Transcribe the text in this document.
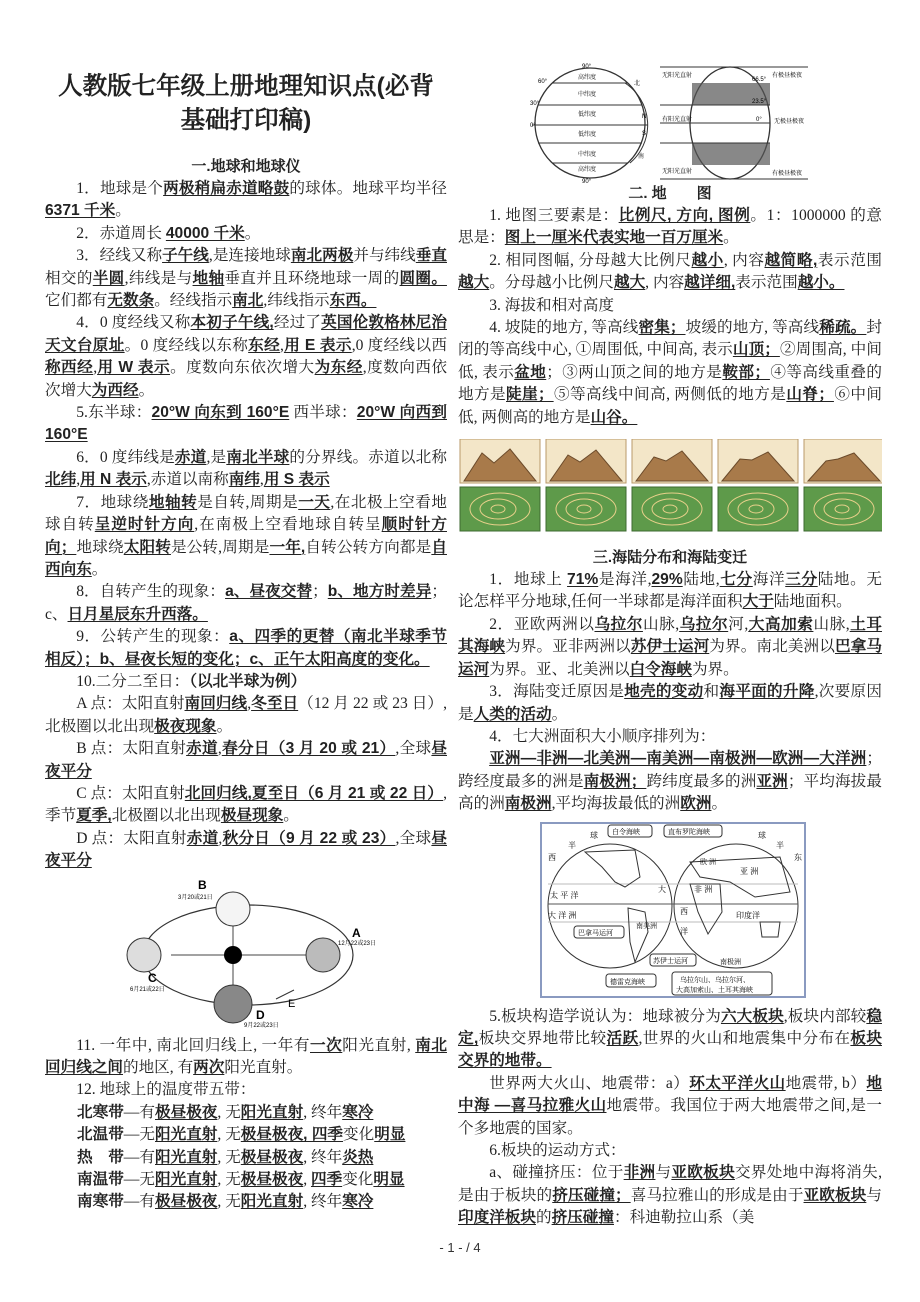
人教版七年级上册地理知识点(必背
基础打印稿)
一.地球和地球仪

1．地球是个两极稍扁赤道略鼓的球体。地球平均半径 6371 千米。

2．赤道周长 40000 千米。

3．经线又称子午线,是连接地球南北两极并与纬线垂直相交的半圆,纬线是与地轴垂直并且环绕地球一周的圆圈。它们都有无数条。经线指示南北,纬线指示东西。

4．0 度经线又称本初子午线,经过了英国伦敦格林尼治天文台原址。0 度经线以东称东经,用 E 表示,0 度经线以西称西经,用 W 表示。度数向东依次增大为东经,度数向西依次增大为西经。

5.东半球：20°W 向东到 160°E 西半球：20°W 向西到 160°E

6．0 度纬线是赤道,是南北半球的分界线。赤道以北称北纬,用 N 表示,赤道以南称南纬,用 S 表示

7．地球绕地轴转是自转,周期是一天,在北极上空看地球自转呈逆时针方向,在南极上空看地球自转呈顺时针方向；地球绕太阳转是公转,周期是一年,自转公转方向都是自西向东。

8．自转产生的现象：a、昼夜交替；b、地方时差异；c、日月星辰东升西落。

9．公转产生的现象：a、四季的更替（南北半球季节相反）；b、昼夜长短的变化；c、正午太阳高度的变化。

10.二分二至日：（以北半球为例）

A 点：太阳直射南回归线,冬至日（12 月 22 或 23 日）,北极圈以北出现极夜现象。

B 点：太阳直射赤道,春分日（3 月 20 或 21）,全球昼夜平分

C 点：太阳直射北回归线,夏至日（6 月 21 或 22 日）,季节夏季,北极圈以北出现极昼现象。

D 点：太阳直射赤道,秋分日（9 月 22 或 23）,全球昼夜平分

B
3月20或21日
A
12月22或23日
C
6月21或22日
D
9月22或23日
E

11. 一年中, 南北回归线上, 一年有一次阳光直射, 南北回归线之间的地区, 有两次阳光直射。

12. 地球上的温度带五带：

北寒带—有极昼极夜, 无阳光直射, 终年寒冷

北温带—无阳光直射, 无极昼极夜, 四季变化明显

热　带—有阳光直射, 无极昼极夜, 终年炎热

南温带—无阳光直射, 无极昼极夜, 四季变化明显

南寒带—有极昼极夜, 无阳光直射, 终年寒冷

90°
90°
60°
30°
0°
高纬度
中纬度
低纬度
低纬度
中纬度
高纬度
北
N
S
南
无阳光直射
有阳光直射
无阳光直射
有极昼极夜
有极昼极夜
无极昼极夜
23.5°
66.5°
0°
二. 地　　图

1. 地图三要素是：比例尺, 方向, 图例。1：1000000 的意思是：图上一厘米代表实地一百万厘米。

2. 相同图幅, 分母越大比例尺越小, 内容越简略,表示范围越大。分母越小比例尺越大, 内容越详细,表示范围越小。

3. 海拔和相对高度

4. 坡陡的地方, 等高线密集；坡缓的地方, 等高线稀疏。封闭的等高线中心, ①周围低, 中间高, 表示山顶；②周围高, 中间低, 表示盆地；③两山顶之间的地方是鞍部；④等高线重叠的地方是陡崖；⑤等高线中间高, 两侧低的地方是山脊；⑥中间低, 两侧高的地方是山谷。

三.海陆分布和海陆变迁

1．地球上 71%是海洋,29%陆地,七分海洋三分陆地。无论怎样平分地球,任何一半球都是海洋面积大于陆地面积。

2．亚欧两洲以乌拉尔山脉,乌拉尔河,大高加索山脉,土耳其海峡为界。亚非两洲以苏伊士运河为界。南北美洲以巴拿马运河为界。亚、北美洲以白令海峡为界。

3．海陆变迁原因是地壳的变动和海平面的升降,次要原因是人类的活动。

4．七大洲面积大小顺序排列为：

亚洲—非洲—北美洲—南美洲—南极洲—欧洲—大洋洲；跨经度最多的洲是南极洲；跨纬度最多的洲亚洲；平均海拔最高的洲南极洲,平均海拔最低的洲欧洲。

白令海峡	直布罗陀海峡
巴拿马运河
苏伊士运河
德雷克海峡	乌拉尔山、乌拉尔河、
大高加索山、土耳其海峡
西
半
球	球
半
东
太 平 洋
大 洋 洲
亚 洲
非 洲
欧 洲
南极洲
印度洋
南美洲
大
西
洋

5.板块构造学说认为：地球被分为六大板块,板块内部较稳定,板块交界地带比较活跃,世界的火山和地震集中分布在板块交界的地带。

世界两大火山、地震带：a）环太平洋火山地震带, b）地中海 —喜马拉雅火山地震带。我国位于两大地震带之间,是一个多地震的国家。

6.板块的运动方式：

a、碰撞挤压：位于非洲与亚欧板块交界处地中海将消失,是由于板块的挤压碰撞；喜马拉雅山的形成是由于亚欧板块与印度洋板块的挤压碰撞：科迪勒拉山系（美

- 1 - / 4
